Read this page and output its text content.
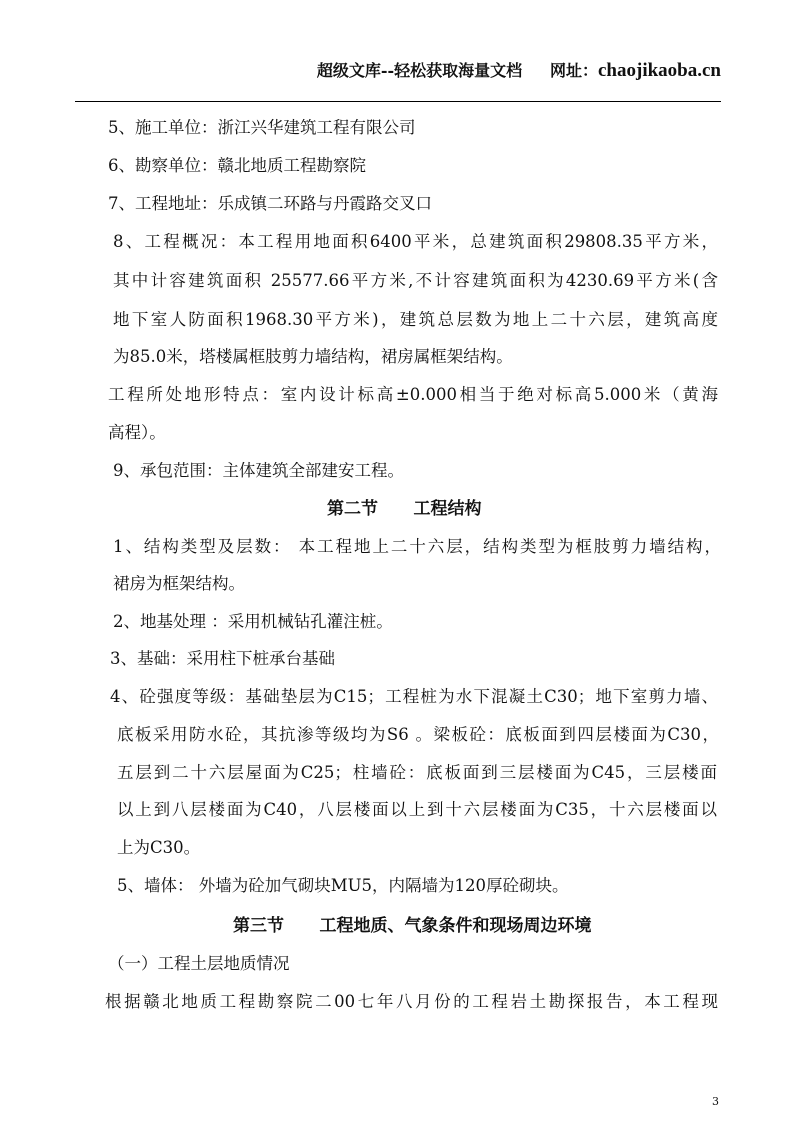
超级文库--轻松获取海量文档 网址：chaojikaoba.cn
5、施工单位：浙江兴华建筑工程有限公司
6、勘察单位：赣北地质工程勘察院
7、工程地址：乐成镇二环路与丹霞路交叉口
8、工程概况：本工程用地面积6400平米，总建筑面积29808.35平方米，
其中计容建筑面积 25577.66平方米,不计容建筑面积为4230.69平方米(含
地下室人防面积1968.30平方米)，建筑总层数为地上二十六层，建筑高度
为85.0米，塔楼属框肢剪力墙结构，裙房属框架结构。
工程所处地形特点：室内设计标高±0.000相当于绝对标高5.000米（黄海
高程）。
9、承包范围：主体建筑全部建安工程。
第二节      工程结构
1、结构类型及层数： 本工程地上二十六层，结构类型为框肢剪力墙结构，
裙房为框架结构。
2、地基处理 ：采用机械钻孔灌注桩。
3、基础：采用柱下桩承台基础
4、砼强度等级：基础垫层为C15；工程桩为水下混凝土C30；地下室剪力墙、
底板采用防水砼，其抗渗等级均为S6 。梁板砼：底板面到四层楼面为C30，
五层到二十六层屋面为C25；柱墙砼：底板面到三层楼面为C45，三层楼面
以上到八层楼面为C40，八层楼面以上到十六层楼面为C35，十六层楼面以
上为C30。
5、墙体： 外墙为砼加气砌块MU5，内隔墙为120厚砼砌块。
第三节      工程地质、气象条件和现场周边环境
（一）工程土层地质情况
根据赣北地质工程勘察院二00七年八月份的工程岩土勘探报告，本工程现
3
